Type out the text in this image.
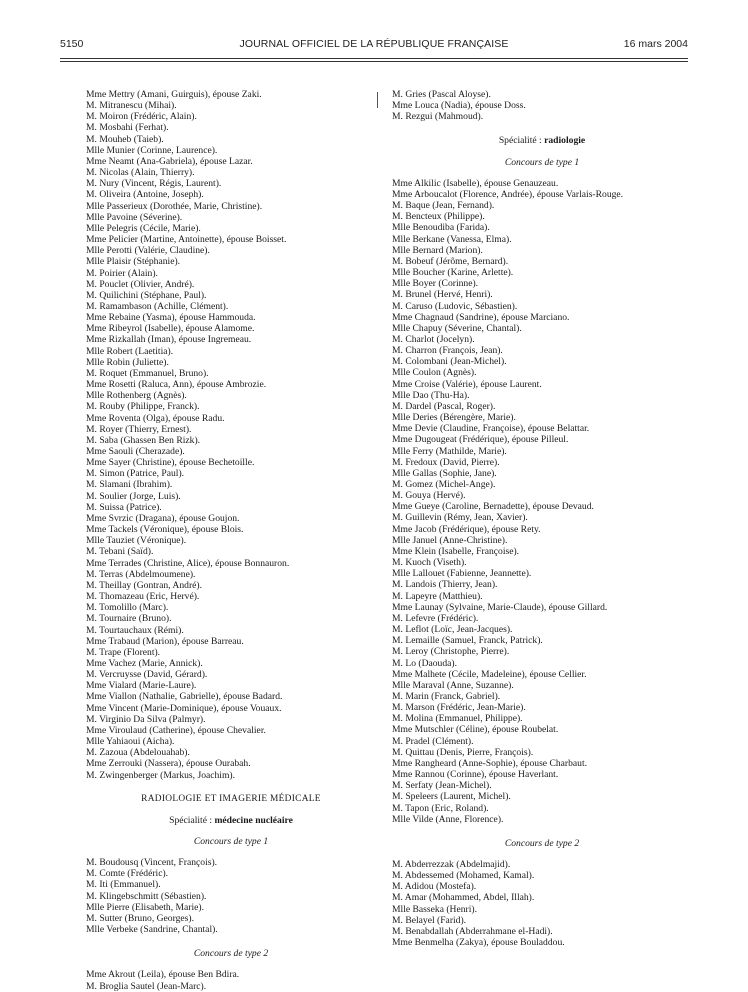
5150	JOURNAL OFFICIEL DE LA RÉPUBLIQUE FRANÇAISE	16 mars 2004
Mme Mettry (Amani, Guirguis), épouse Zaki.
M. Mitranescu (Mihai).
M. Moiron (Frédéric, Alain).
M. Mosbahi (Ferhat).
M. Mouheb (Taieb).
Mlle Munier (Corinne, Laurence).
Mme Neamt (Ana-Gabriela), épouse Lazar.
M. Nicolas (Alain, Thierry).
M. Nury (Vincent, Régis, Laurent).
M. Oliveira (Antoine, Joseph).
Mlle Passerieux (Dorothée, Marie, Christine).
Mlle Pavoine (Séverine).
Mlle Pelegris (Cécile, Marie).
Mme Pelicier (Martine, Antoinette), épouse Boisset.
Mlle Perotti (Valérie, Claudine).
Mlle Plaisir (Stéphanie).
M. Poirier (Alain).
M. Pouclet (Olivier, André).
M. Quilichini (Stéphane, Paul).
M. Ramambason (Achille, Clément).
Mme Rebaine (Yasma), épouse Hammouda.
Mme Ribeyrol (Isabelle), épouse Alamome.
Mme Rizkallah (Iman), épouse Ingremeau.
Mlle Robert (Laetitia).
Mlle Robin (Juliette).
M. Roquet (Emmanuel, Bruno).
Mme Rosetti (Raluca, Ann), épouse Ambrozie.
Mlle Rothenberg (Agnès).
M. Rouby (Philippe, Franck).
Mme Roventa (Olga), épouse Radu.
M. Royer (Thierry, Ernest).
M. Saba (Ghassen Ben Rizk).
Mme Saouli (Cherazade).
Mme Sayer (Christine), épouse Bechetoille.
M. Simon (Patrice, Paul).
M. Slamani (Ibrahim).
M. Soulier (Jorge, Luis).
M. Suissa (Patrice).
Mme Svrzic (Dragana), épouse Goujon.
Mme Tackels (Véronique), épouse Blois.
Mlle Tauziet (Véronique).
M. Tebani (Saïd).
Mme Terrades (Christine, Alice), épouse Bonnauron.
M. Terras (Abdelmoumene).
M. Theillay (Gontran, André).
M. Thomazeau (Eric, Hervé).
M. Tomolillo (Marc).
M. Tournaire (Bruno).
M. Tourtauchaux (Rémi).
Mme Trabaud (Marion), épouse Barreau.
M. Trape (Florent).
Mme Vachez (Marie, Annick).
M. Vercruysse (David, Gérard).
Mme Vialard (Marie-Laure).
Mme Viallon (Nathalie, Gabrielle), épouse Badard.
Mme Vincent (Marie-Dominique), épouse Vouaux.
M. Virginio Da Silva (Palmyr).
Mme Viroulaud (Catherine), épouse Chevalier.
Mlle Yahiaoui (Aicha).
M. Zazoua (Abdelouahab).
Mme Zerrouki (Nassera), épouse Ourabah.
M. Zwingenberger (Markus, Joachim).
RADIOLOGIE ET IMAGERIE MÉDICALE
Spécialité : médecine nucléaire
Concours de type 1
M. Boudousq (Vincent, François).
M. Comte (Frédéric).
M. Iti (Emmanuel).
M. Klingebschmitt (Sébastien).
Mlle Pierre (Elisabeth, Marie).
M. Sutter (Bruno, Georges).
Mlle Verbeke (Sandrine, Chantal).
Concours de type 2
Mme Akrout (Leila), épouse Ben Bdira.
M. Broglia Sautel (Jean-Marc).
M. Gries (Pascal Aloyse).
Mme Louca (Nadia), épouse Doss.
M. Rezgui (Mahmoud).
Spécialité : radiologie
Concours de type 1
Mme Alkilic (Isabelle), épouse Genauzeau.
Mme Arboucalot (Florence, Andrée), épouse Varlais-Rouge.
M. Baque (Jean, Fernand).
M. Bencteux (Philippe).
Mlle Benoudiba (Farida).
Mlle Berkane (Vanessa, Elma).
Mlle Bernard (Marion).
M. Bobeuf (Jérôme, Bernard).
Mlle Boucher (Karine, Arlette).
Mlle Boyer (Corinne).
M. Brunel (Hervé, Henri).
M. Caruso (Ludovic, Sébastien).
Mme Chagnaud (Sandrine), épouse Marciano.
Mlle Chapuy (Séverine, Chantal).
M. Charlot (Jocelyn).
M. Charron (François, Jean).
M. Colombani (Jean-Michel).
Mlle Coulon (Agnès).
Mme Croise (Valérie), épouse Laurent.
Mlle Dao (Thu-Ha).
M. Dardel (Pascal, Roger).
Mlle Deries (Bérengère, Marie).
Mme Devie (Claudine, Françoise), épouse Belattar.
Mme Dugougeat (Frédérique), épouse Pilleul.
Mlle Ferry (Mathilde, Marie).
M. Fredoux (David, Pierre).
Mlle Gallas (Sophie, Jane).
M. Gomez (Michel-Ange).
M. Gouya (Hervé).
Mme Gueye (Caroline, Bernadette), épouse Devaud.
M. Guillevin (Rémy, Jean, Xavier).
Mme Jacob (Frédérique), épouse Rety.
Mlle Januel (Anne-Christine).
Mme Klein (Isabelle, Françoise).
M. Kuoch (Viseth).
Mlle Lallouet (Fabienne, Jeannette).
M. Landois (Thierry, Jean).
M. Lapeyre (Matthieu).
Mme Launay (Sylvaine, Marie-Claude), épouse Gillard.
M. Lefevre (Frédéric).
M. Leflot (Loïc, Jean-Jacques).
M. Lemaille (Samuel, Franck, Patrick).
M. Leroy (Christophe, Pierre).
M. Lo (Daouda).
Mme Malhete (Cécile, Madeleine), épouse Cellier.
Mlle Maraval (Anne, Suzanne).
M. Marin (Franck, Gabriel).
M. Marson (Frédéric, Jean-Marie).
M. Molina (Emmanuel, Philippe).
Mme Mutschler (Céline), épouse Roubelat.
M. Pradel (Clément).
M. Quittau (Denis, Pierre, François).
Mme Rangheard (Anne-Sophie), épouse Charbaut.
Mme Rannou (Corinne), épouse Haverlant.
M. Serfaty (Jean-Michel).
M. Speleers (Laurent, Michel).
M. Tapon (Eric, Roland).
Mlle Vilde (Anne, Florence).
Concours de type 2
M. Abderrezzak (Abdelmajid).
M. Abdessemed (Mohamed, Kamal).
M. Adidou (Mostefa).
M. Amar (Mohammed, Abdel, Illah).
Mlle Basseka (Henri).
M. Belayel (Farid).
M. Benabdallah (Abderrahmane el-Hadi).
Mme Benmelha (Zakya), épouse Bouladdou.
